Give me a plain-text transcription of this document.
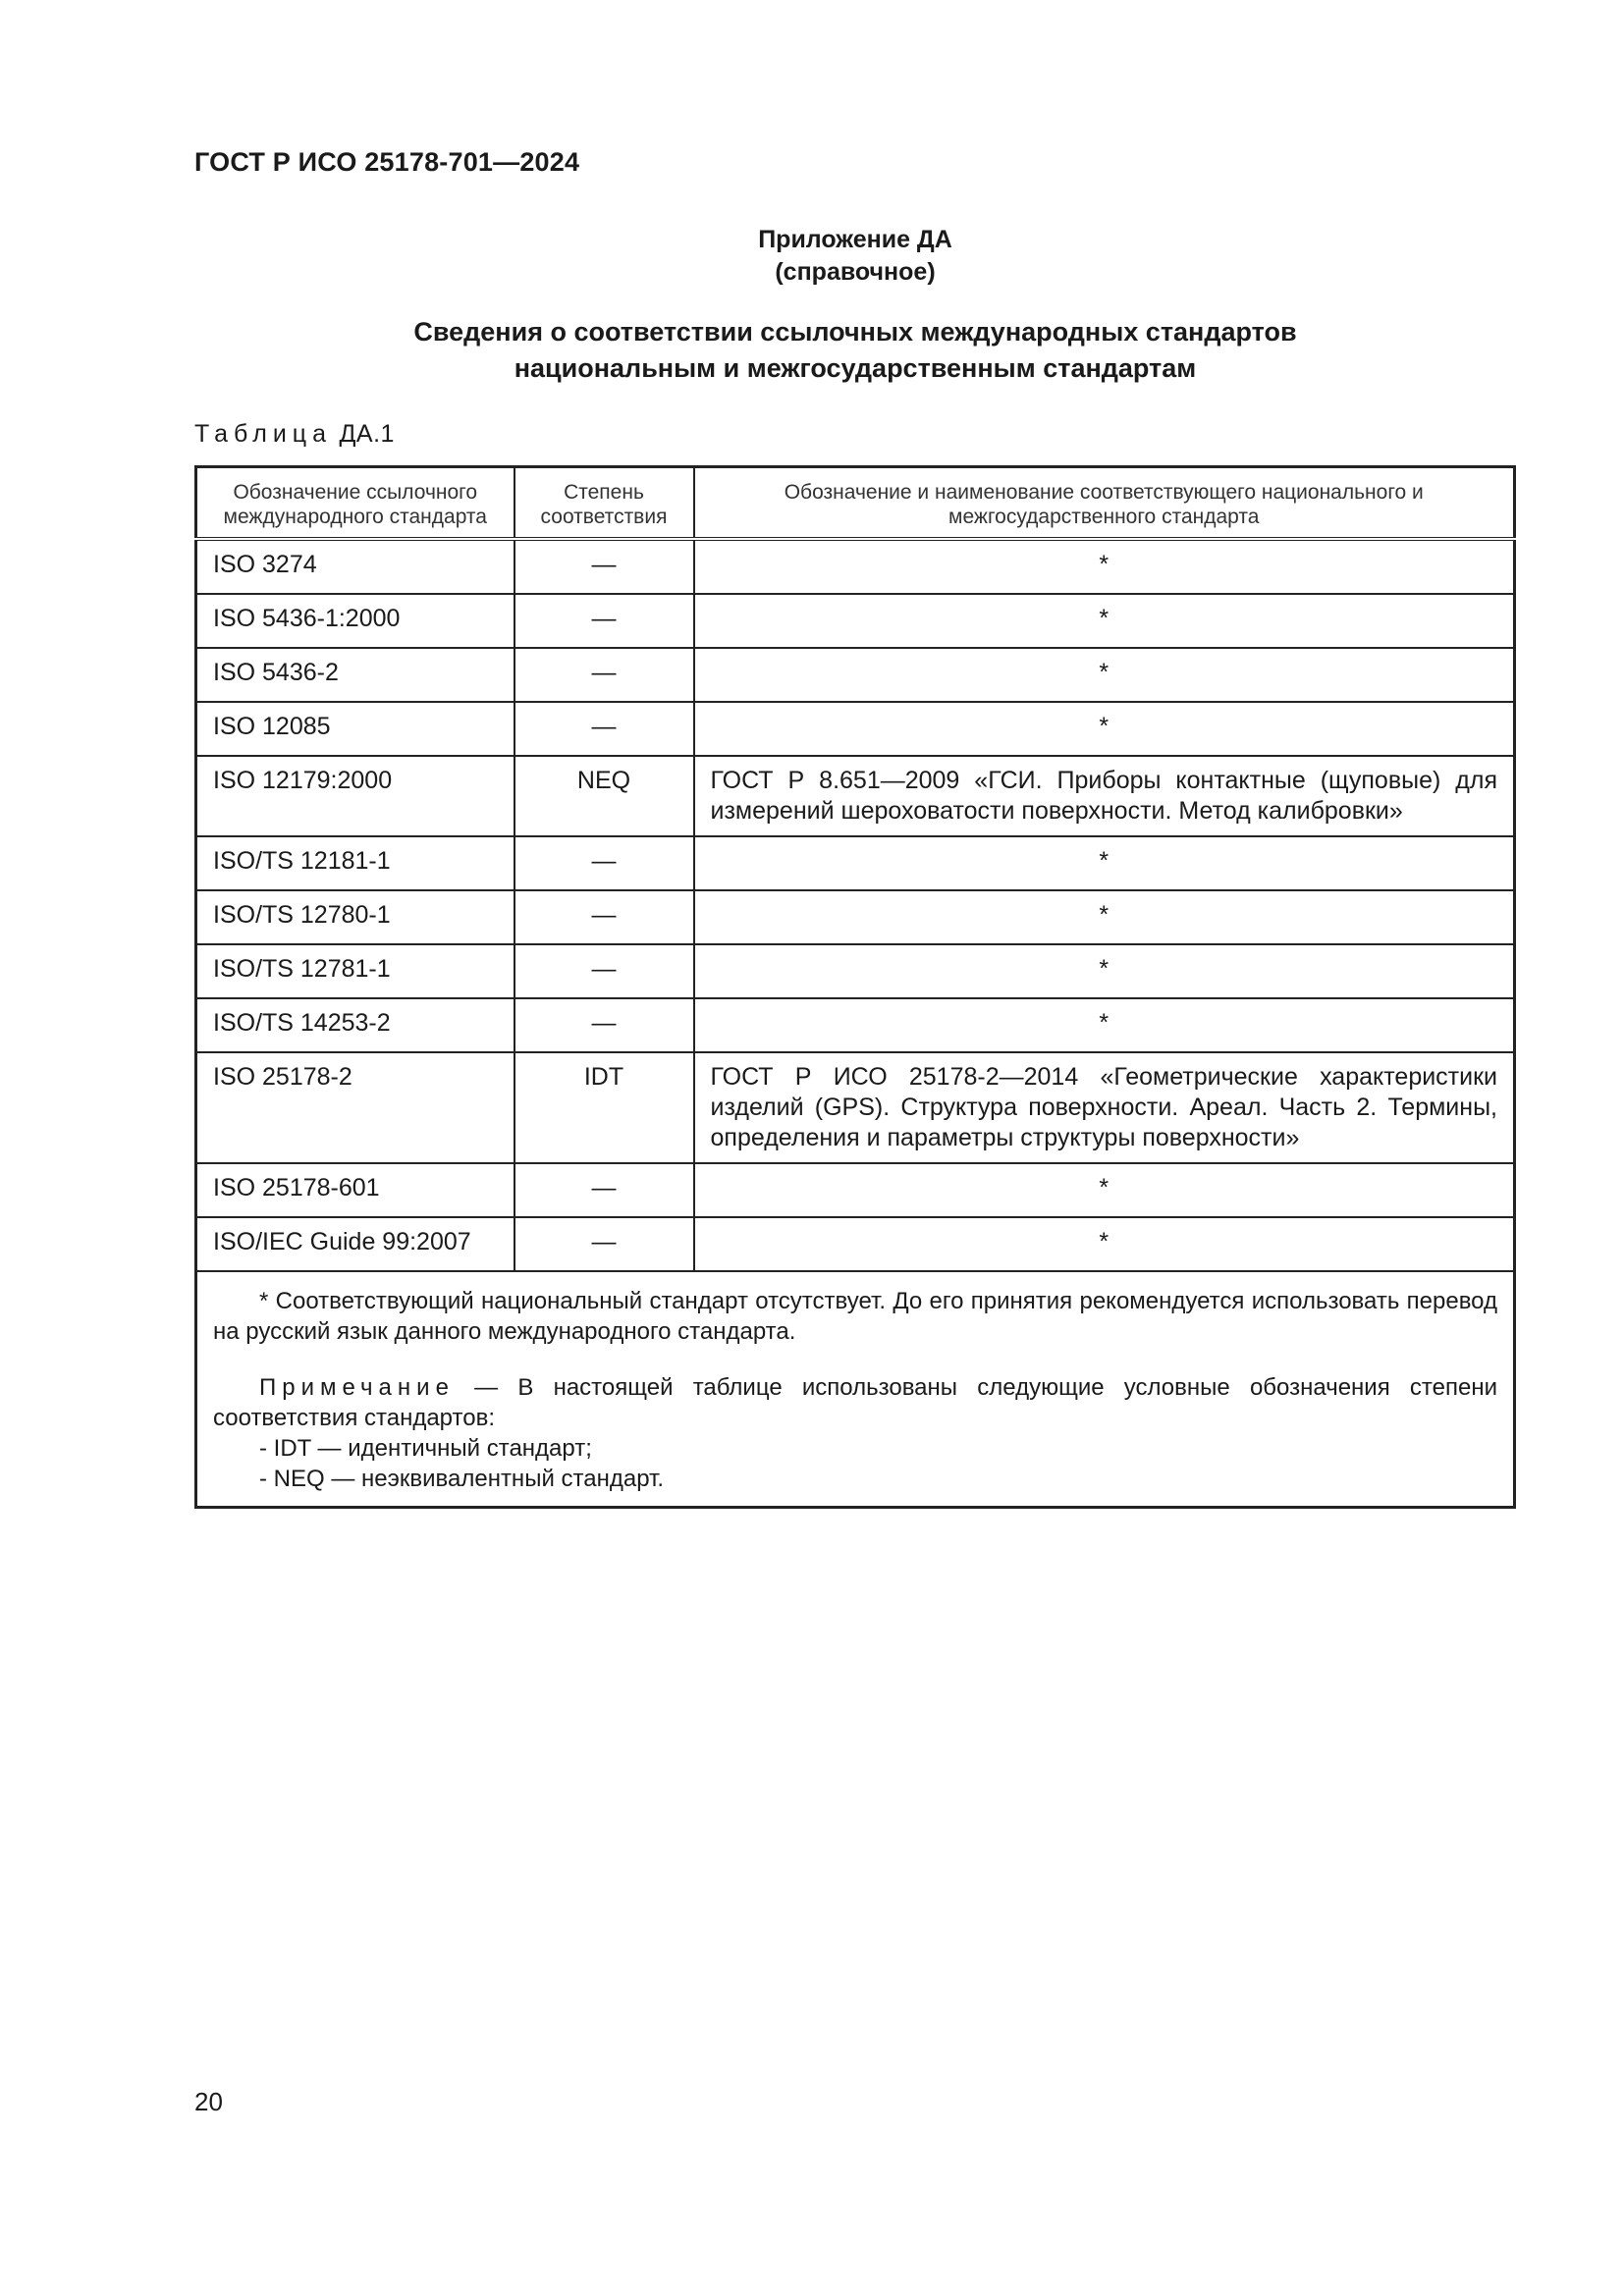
ГОСТ Р ИСО 25178-701—2024
Приложение ДА
(справочное)
Сведения о соответствии ссылочных международных стандартов
национальным и межгосударственным стандартам
Таблица ДА.1
Обозначение ссылочного международного стандарта	Степень соответствия	Обозначение и наименование соответствующего национального и межгосударственного стандарта
ISO 3274	—	*
ISO 5436-1:2000	—	*
ISO 5436-2	—	*
ISO 12085	—	*
ISO 12179:2000	NEQ	ГОСТ Р 8.651—2009 «ГСИ. Приборы контактные (щуповые) для измерений шероховатости поверхности. Метод калибровки»
ISO/TS 12181-1	—	*
ISO/TS 12780-1	—	*
ISO/TS 12781-1	—	*
ISO/TS 14253-2	—	*
ISO 25178-2	IDT	ГОСТ Р ИСО 25178-2—2014 «Геометрические характеристики изделий (GPS). Структура поверхности. Ареал. Часть 2. Термины, определения и параметры структуры поверхности»
ISO 25178-601	—	*
ISO/IEC Guide 99:2007	—	*

* Соответствующий национальный стандарт отсутствует. До его принятия рекомендуется использовать перевод на русский язык данного международного стандарта.

Примечание — В настоящей таблице использованы следующие условные обозначения степени соответствия стандартов:

- IDT — идентичный стандарт;

- NEQ — неэквивалентный стандарт.		

20
